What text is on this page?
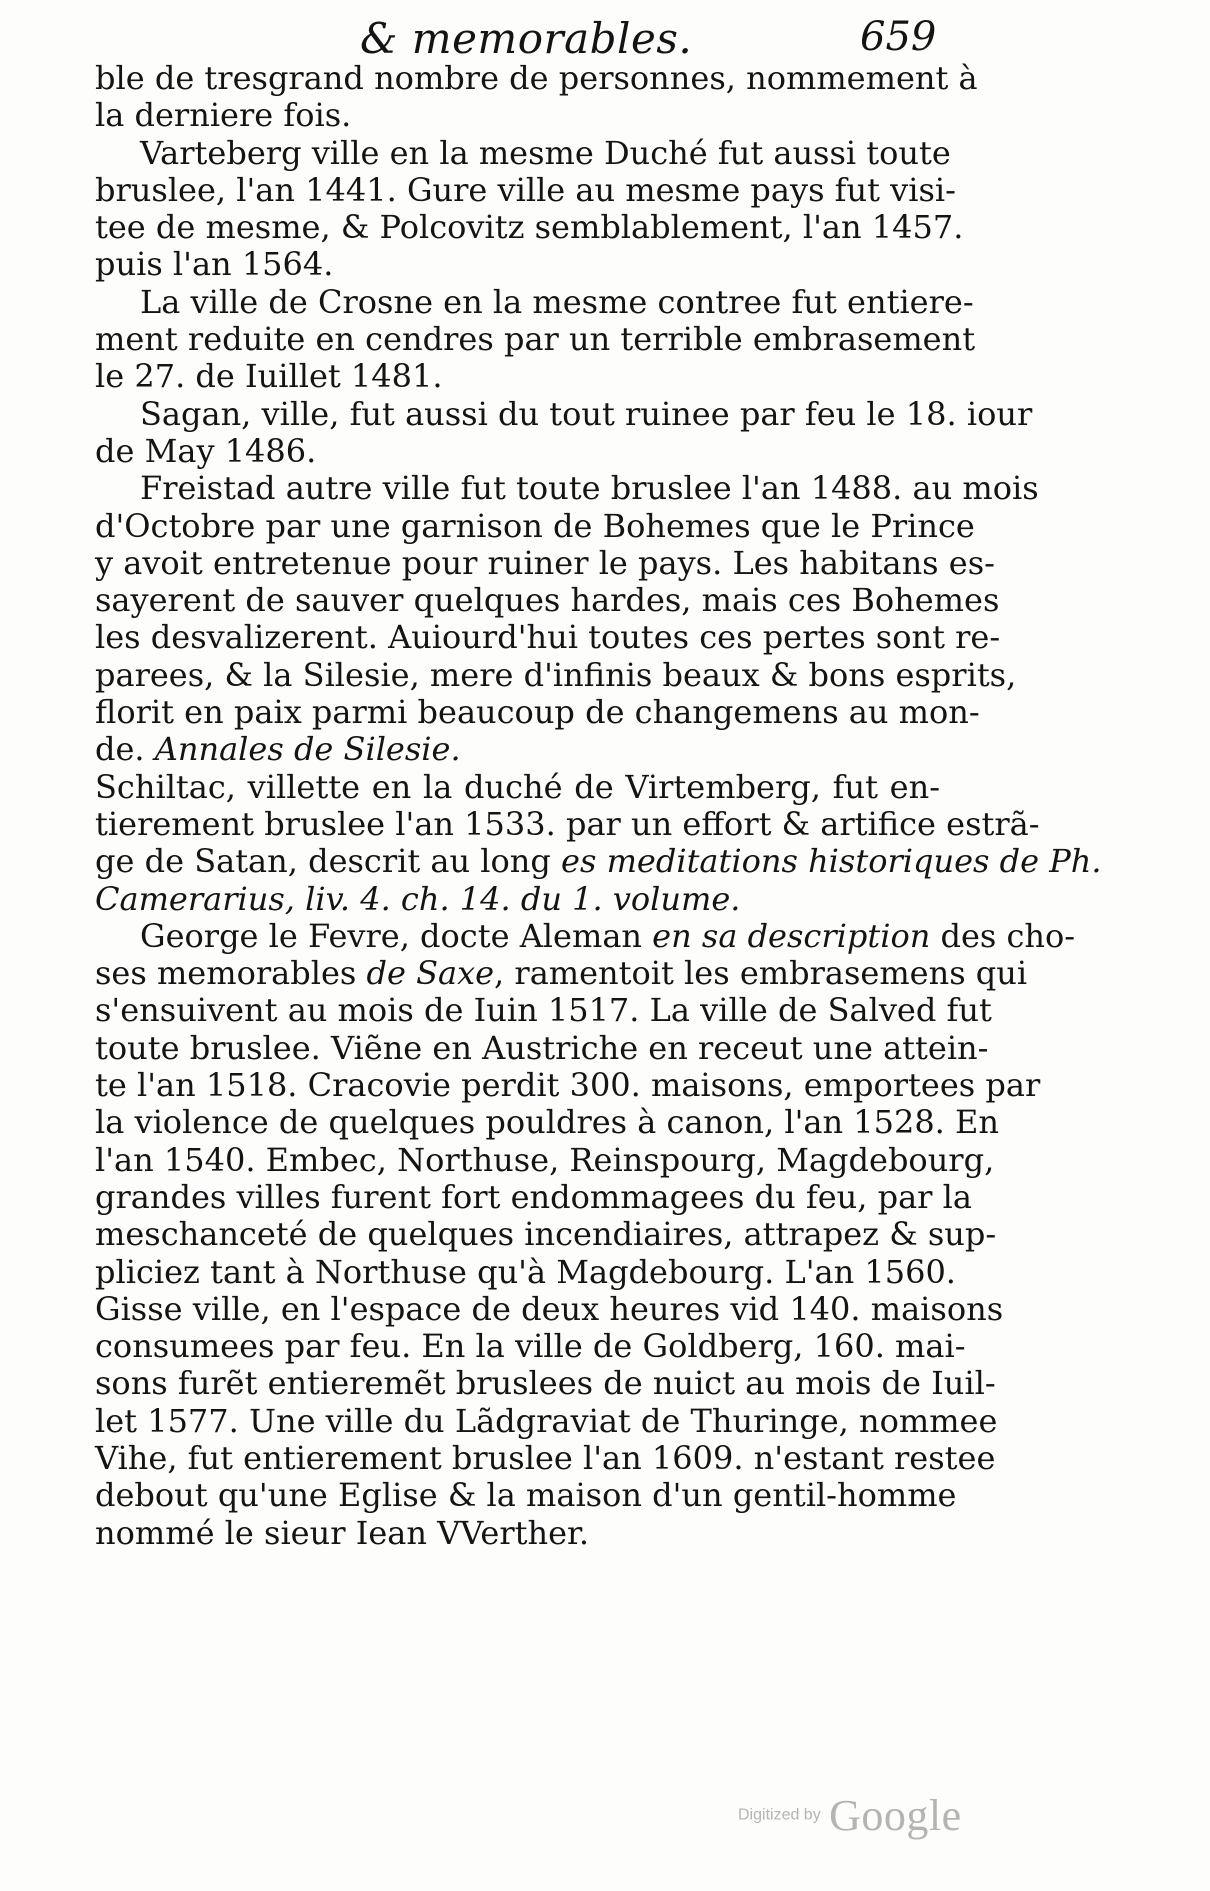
& memorables.	659
ble de tresgrand nombre de personnes, nommement à
la derniere fois.
Varteberg ville en la mesme Duché fut aussi toute
bruslee, l'an 1441. Gure ville au mesme pays fut visi-
tee de mesme, & Polcovitz semblablement, l'an 1457.
puis l'an 1564.
La ville de Crosne en la mesme contree fut entiere-
ment reduite en cendres par un terrible embrasement
le 27. de Iuillet 1481.
Sagan, ville, fut aussi du tout ruinee par feu le 18. iour
de May 1486.
Freistad autre ville fut toute bruslee l'an 1488. au mois
d'Octobre par une garnison de Bohemes que le Prince
y avoit entretenue pour ruiner le pays. Les habitans es-
sayerent de sauver quelques hardes, mais ces Bohemes
les desvalizerent. Auiourd'hui toutes ces pertes sont re-
parees, & la Silesie, mere d'infinis beaux & bons esprits,
florit en paix parmi beaucoup de changemens au mon-
de. Annales de Silesie.
Schiltac, villette en la duché de Virtemberg, fut en-
tierement bruslee l'an 1533. par un effort & artifice estrã-
ge de Satan, descrit au long es meditations historiques de Ph.
Camerarius, liv. 4. ch. 14. du 1. volume.
George le Fevre, docte Aleman en sa description des cho-
ses memorables de Saxe, ramentoit les embrasemens qui
s'ensuivent au mois de Iuin 1517. La ville de Salved fut
toute bruslee. Viẽne en Austriche en receut une attein-
te l'an 1518. Cracovie perdit 300. maisons, emportees par
la violence de quelques pouldres à canon, l'an 1528. En
l'an 1540. Embec, Northuse, Reinspourg, Magdebourg,
grandes villes furent fort endommagees du feu, par la
meschanceté de quelques incendiaires, attrapez & sup-
pliciez tant à Northuse qu'à Magdebourg. L'an 1560.
Gisse ville, en l'espace de deux heures vid 140. maisons
consumees par feu. En la ville de Goldberg, 160. mai-
sons furẽt entieremẽt bruslees de nuict au mois de Iuil-
let 1577. Une ville du Lãdgraviat de Thuringe, nommee
Vihe, fut entierement bruslee l'an 1609. n'estant restee
debout qu'une Eglise & la maison d'un gentil-homme
nommé le sieur Iean VVerther.
Digitized by Google
